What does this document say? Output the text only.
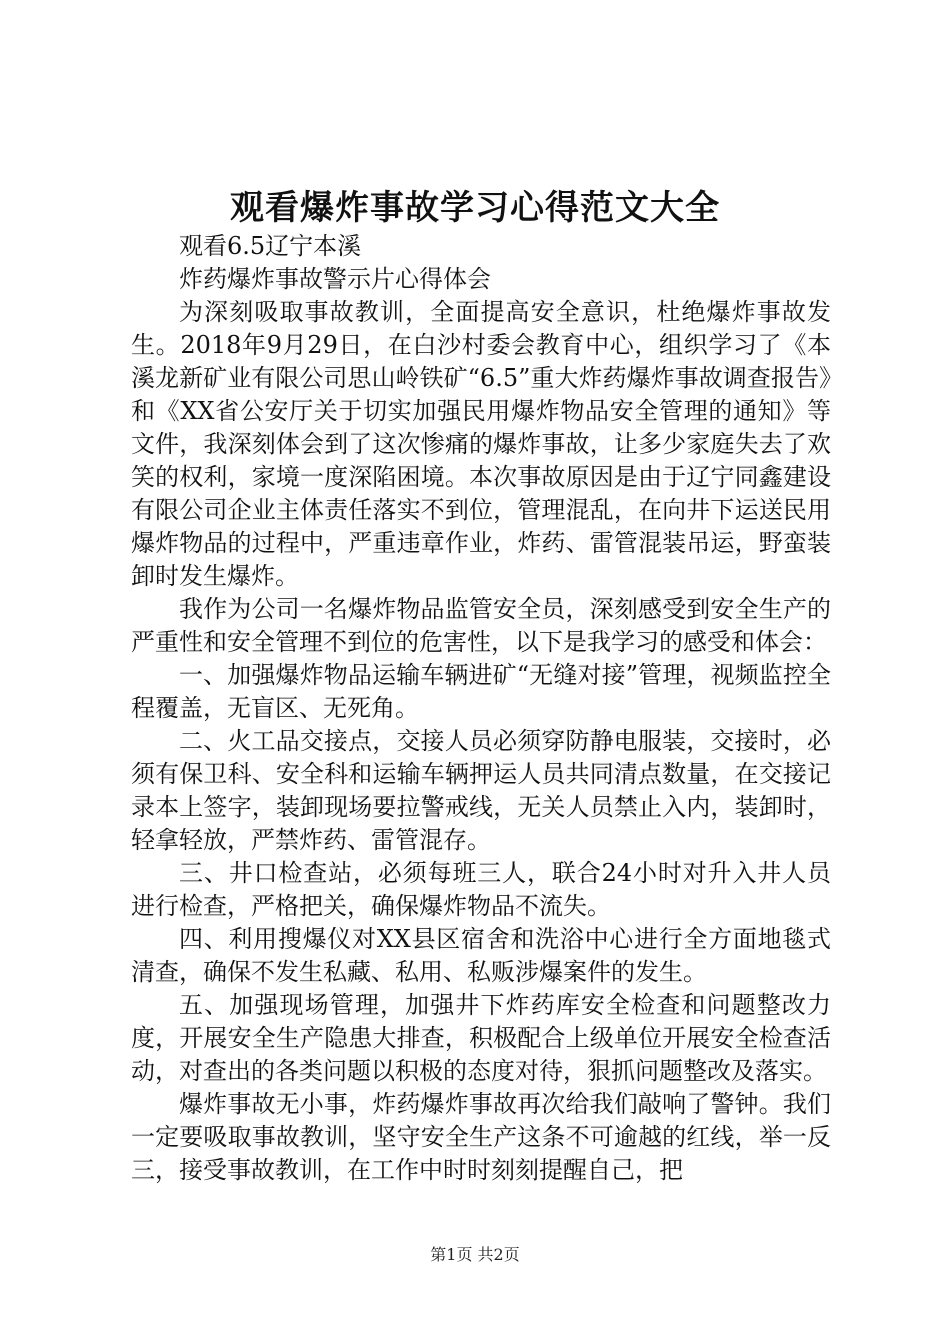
观看爆炸事故学习心得范文大全

观看6.5辽宁本溪

炸药爆炸事故警示片心得体会

为深刻吸取事故教训，全面提高安全意识，杜绝爆炸事故发生。2018年9月29日，在白沙村委会教育中心，组织学习了《本溪龙新矿业有限公司思山岭铁矿“6.5”重大炸药爆炸事故调查报告》和《XX省公安厅关于切实加强民用爆炸物品安全管理的通知》等文件，我深刻体会到了这次惨痛的爆炸事故，让多少家庭失去了欢笑的权利，家境一度深陷困境。本次事故原因是由于辽宁同鑫建设有限公司企业主体责任落实不到位，管理混乱，在向井下运送民用爆炸物品的过程中，严重违章作业，炸药、雷管混装吊运，野蛮装卸时发生爆炸。

我作为公司一名爆炸物品监管安全员，深刻感受到安全生产的严重性和安全管理不到位的危害性，以下是我学习的感受和体会：

一、加强爆炸物品运输车辆进矿“无缝对接”管理，视频监控全程覆盖，无盲区、无死角。

二、火工品交接点，交接人员必须穿防静电服装，交接时，必须有保卫科、安全科和运输车辆押运人员共同清点数量，在交接记录本上签字，装卸现场要拉警戒线，无关人员禁止入内，装卸时，轻拿轻放，严禁炸药、雷管混存。

三、井口检查站，必须每班三人，联合24小时对升入井人员进行检查，严格把关，确保爆炸物品不流失。

四、利用搜爆仪对XX县区宿舍和洗浴中心进行全方面地毯式清查，确保不发生私藏、私用、私贩涉爆案件的发生。

五、加强现场管理，加强井下炸药库安全检查和问题整改力度，开展安全生产隐患大排查，积极配合上级单位开展安全检查活动，对查出的各类问题以积极的态度对待，狠抓问题整改及落实。

爆炸事故无小事，炸药爆炸事故再次给我们敲响了警钟。我们一定要吸取事故教训，坚守安全生产这条不可逾越的红线，举一反三，接受事故教训，在工作中时时刻刻提醒自己，把

第1页 共2页
